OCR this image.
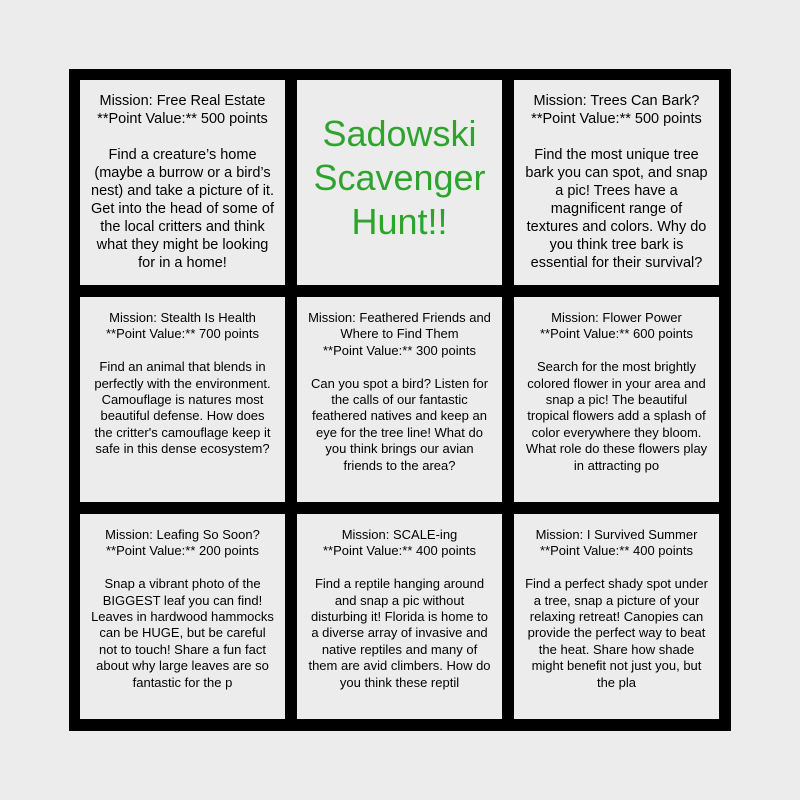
Mission: Free Real Estate
**Point Value:** 500 points
Find a creature’s home (maybe a burrow or a bird’s nest) and take a picture of it. Get into the head of some of the local critters and think what they might be looking for in a home!
Sadowski Scavenger Hunt!!
Mission: Trees Can Bark?
**Point Value:** 500 points
Find the most unique tree bark you can spot, and snap a pic! Trees have a magnificent range of textures and colors. Why do you think tree bark is essential for their survival?
Mission: Stealth Is Health
**Point Value:** 700 points
Find an animal that blends in perfectly with the environment. Camouflage is natures most beautiful defense. How does the critter's camouflage keep it safe in this dense ecosystem?
Mission: Feathered Friends and Where to Find Them
**Point Value:** 300 points
Can you spot a bird? Listen for the calls of our fantastic feathered natives and keep an eye for the tree line! What do you think brings our avian friends to the area?
Mission: Flower Power
**Point Value:** 600 points
Search for the most brightly colored flower in your area and snap a pic! The beautiful tropical flowers add a splash of color everywhere they bloom. What role do these flowers play in attracting po
Mission: Leafing So Soon?
**Point Value:** 200 points
Snap a vibrant photo of the BIGGEST leaf you can find! Leaves in hardwood hammocks can be HUGE, but be careful not to touch! Share a fun fact about why large leaves are so fantastic for the p
Mission: SCALE-ing
**Point Value:** 400 points
Find a reptile hanging around and snap a pic without disturbing it! Florida is home to a diverse array of invasive and native reptiles and many of them are avid climbers. How do you think these reptil
Mission: I Survived Summer
**Point Value:** 400 points
Find a perfect shady spot under a tree, snap a picture of your relaxing retreat! Canopies can provide the perfect way to beat the heat. Share how shade might benefit not just you, but the pla
